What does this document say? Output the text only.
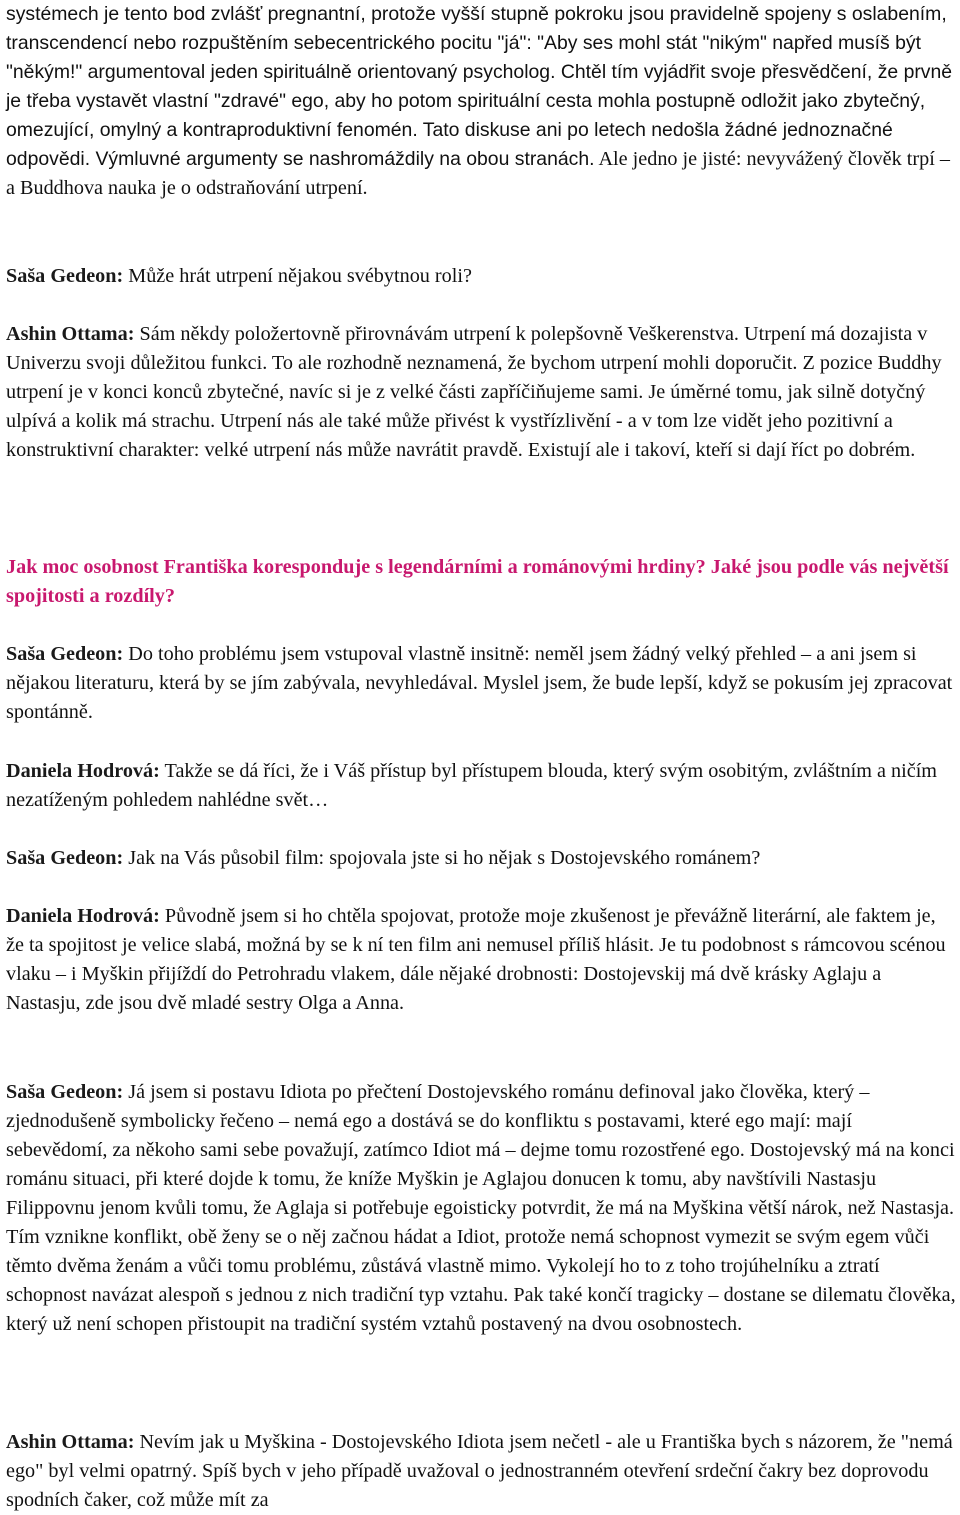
systémech je tento bod zvlášť pregnantní, protože vyšší stupně pokroku jsou pravidelně spojeny s oslabením, transcendencí nebo rozpuštěním sebecentrického pocitu "já": "Aby ses mohl stát "nikým" napřed musíš být "někým!" argumentoval jeden spirituálně orientovaný psycholog. Chtěl tím vyjádřit svoje přesvědčení, že prvně je třeba vystavět vlastní "zdravé" ego, aby ho potom spirituální cesta mohla postupně odložit jako zbytečný, omezující, omylný a kontraproduktivní fenomén. Tato diskuse ani po letech nedošla žádné jednoznačné odpovědi. Výmluvné argumenty se nashromáždily na obou stranách. Ale jedno je jisté: nevyvážený člověk trpí – a Buddhova nauka je o odstraňování utrpení.

Saša Gedeon: Může hrát utrpení nějakou svébytnou roli?

Ashin Ottama: Sám někdy položertovně přirovnávám utrpení k polepšovně Veškerenstva. Utrpení má dozajista v Univerzu svoji důležitou funkci. To ale rozhodně neznamená, že bychom utrpení mohli doporučit. Z pozice Buddhy utrpení je v konci konců zbytečné, navíc si je z velké části zapříčiňujeme sami. Je úměrné tomu, jak silně dotyčný ulpívá a kolik má strachu. Utrpení nás ale také může přivést k vystřízlivění - a v tom lze vidět jeho pozitivní a konstruktivní charakter: velké utrpení nás může navrátit pravdě. Existují ale i takoví, kteří si dají říct po dobrém.

Jak moc osobnost Františka koresponduje s legendárními a románovými hrdiny? Jaké jsou podle vás největší spojitosti a rozdíly?

Saša Gedeon: Do toho problému jsem vstupoval vlastně insitně: neměl jsem žádný velký přehled – a ani jsem si nějakou literaturu, která by se jím zabývala, nevyhledával. Myslel jsem, že bude lepší, když se pokusím jej zpracovat spontánně.

Daniela Hodrová: Takže se dá říci, že i Váš přístup byl přístupem blouda, který svým osobitým, zvláštním a ničím nezatíženým pohledem nahlédne svět…

Saša Gedeon: Jak na Vás působil film: spojovala jste si ho nějak s Dostojevského románem?

Daniela Hodrová: Původně jsem si ho chtěla spojovat, protože moje zkušenost je převážně literární, ale faktem je, že ta spojitost je velice slabá, možná by se k ní ten film ani nemusel příliš hlásit. Je tu podobnost s rámcovou scénou vlaku – i Myškin přijíždí do Petrohradu vlakem, dále nějaké drobnosti: Dostojevskij má dvě krásky Aglaju a Nastasju, zde jsou dvě mladé sestry Olga a Anna.

Saša Gedeon: Já jsem si postavu Idiota po přečtení Dostojevského románu definoval jako člověka, který – zjednodušeně symbolicky řečeno – nemá ego a dostává se do konfliktu s postavami, které ego mají: mají sebevědomí, za někoho sami sebe považují, zatímco Idiot má – dejme tomu rozostřené ego. Dostojevský má na konci románu situaci, při které dojde k tomu, že kníže Myškin je Aglajou donucen k tomu, aby navštívili Nastasju Filippovnu jenom kvůli tomu, že Aglaja si potřebuje egoisticky potvrdit, že má na Myškina větší nárok, než Nastasja. Tím vznikne konflikt, obě ženy se o něj začnou hádat a Idiot, protože nemá schopnost vymezit se svým egem vůči těmto dvěma ženám a vůči tomu problému, zůstává vlastně mimo. Vykolejí ho to z toho trojúhelníku a ztratí schopnost navázat alespoň s jednou z nich tradiční typ vztahu. Pak také končí tragicky – dostane se dilematu člověka, který už není schopen přistoupit na tradiční systém vztahů postavený na dvou osobnostech.

Ashin Ottama: Nevím jak u Myškina - Dostojevského Idiota jsem nečetl - ale u Františka bych s názorem, že "nemá ego" byl velmi opatrný. Spíš bych v jeho případě uvažoval o jednostranném otevření srdeční čakry bez doprovodu spodních čaker, což může mít za
